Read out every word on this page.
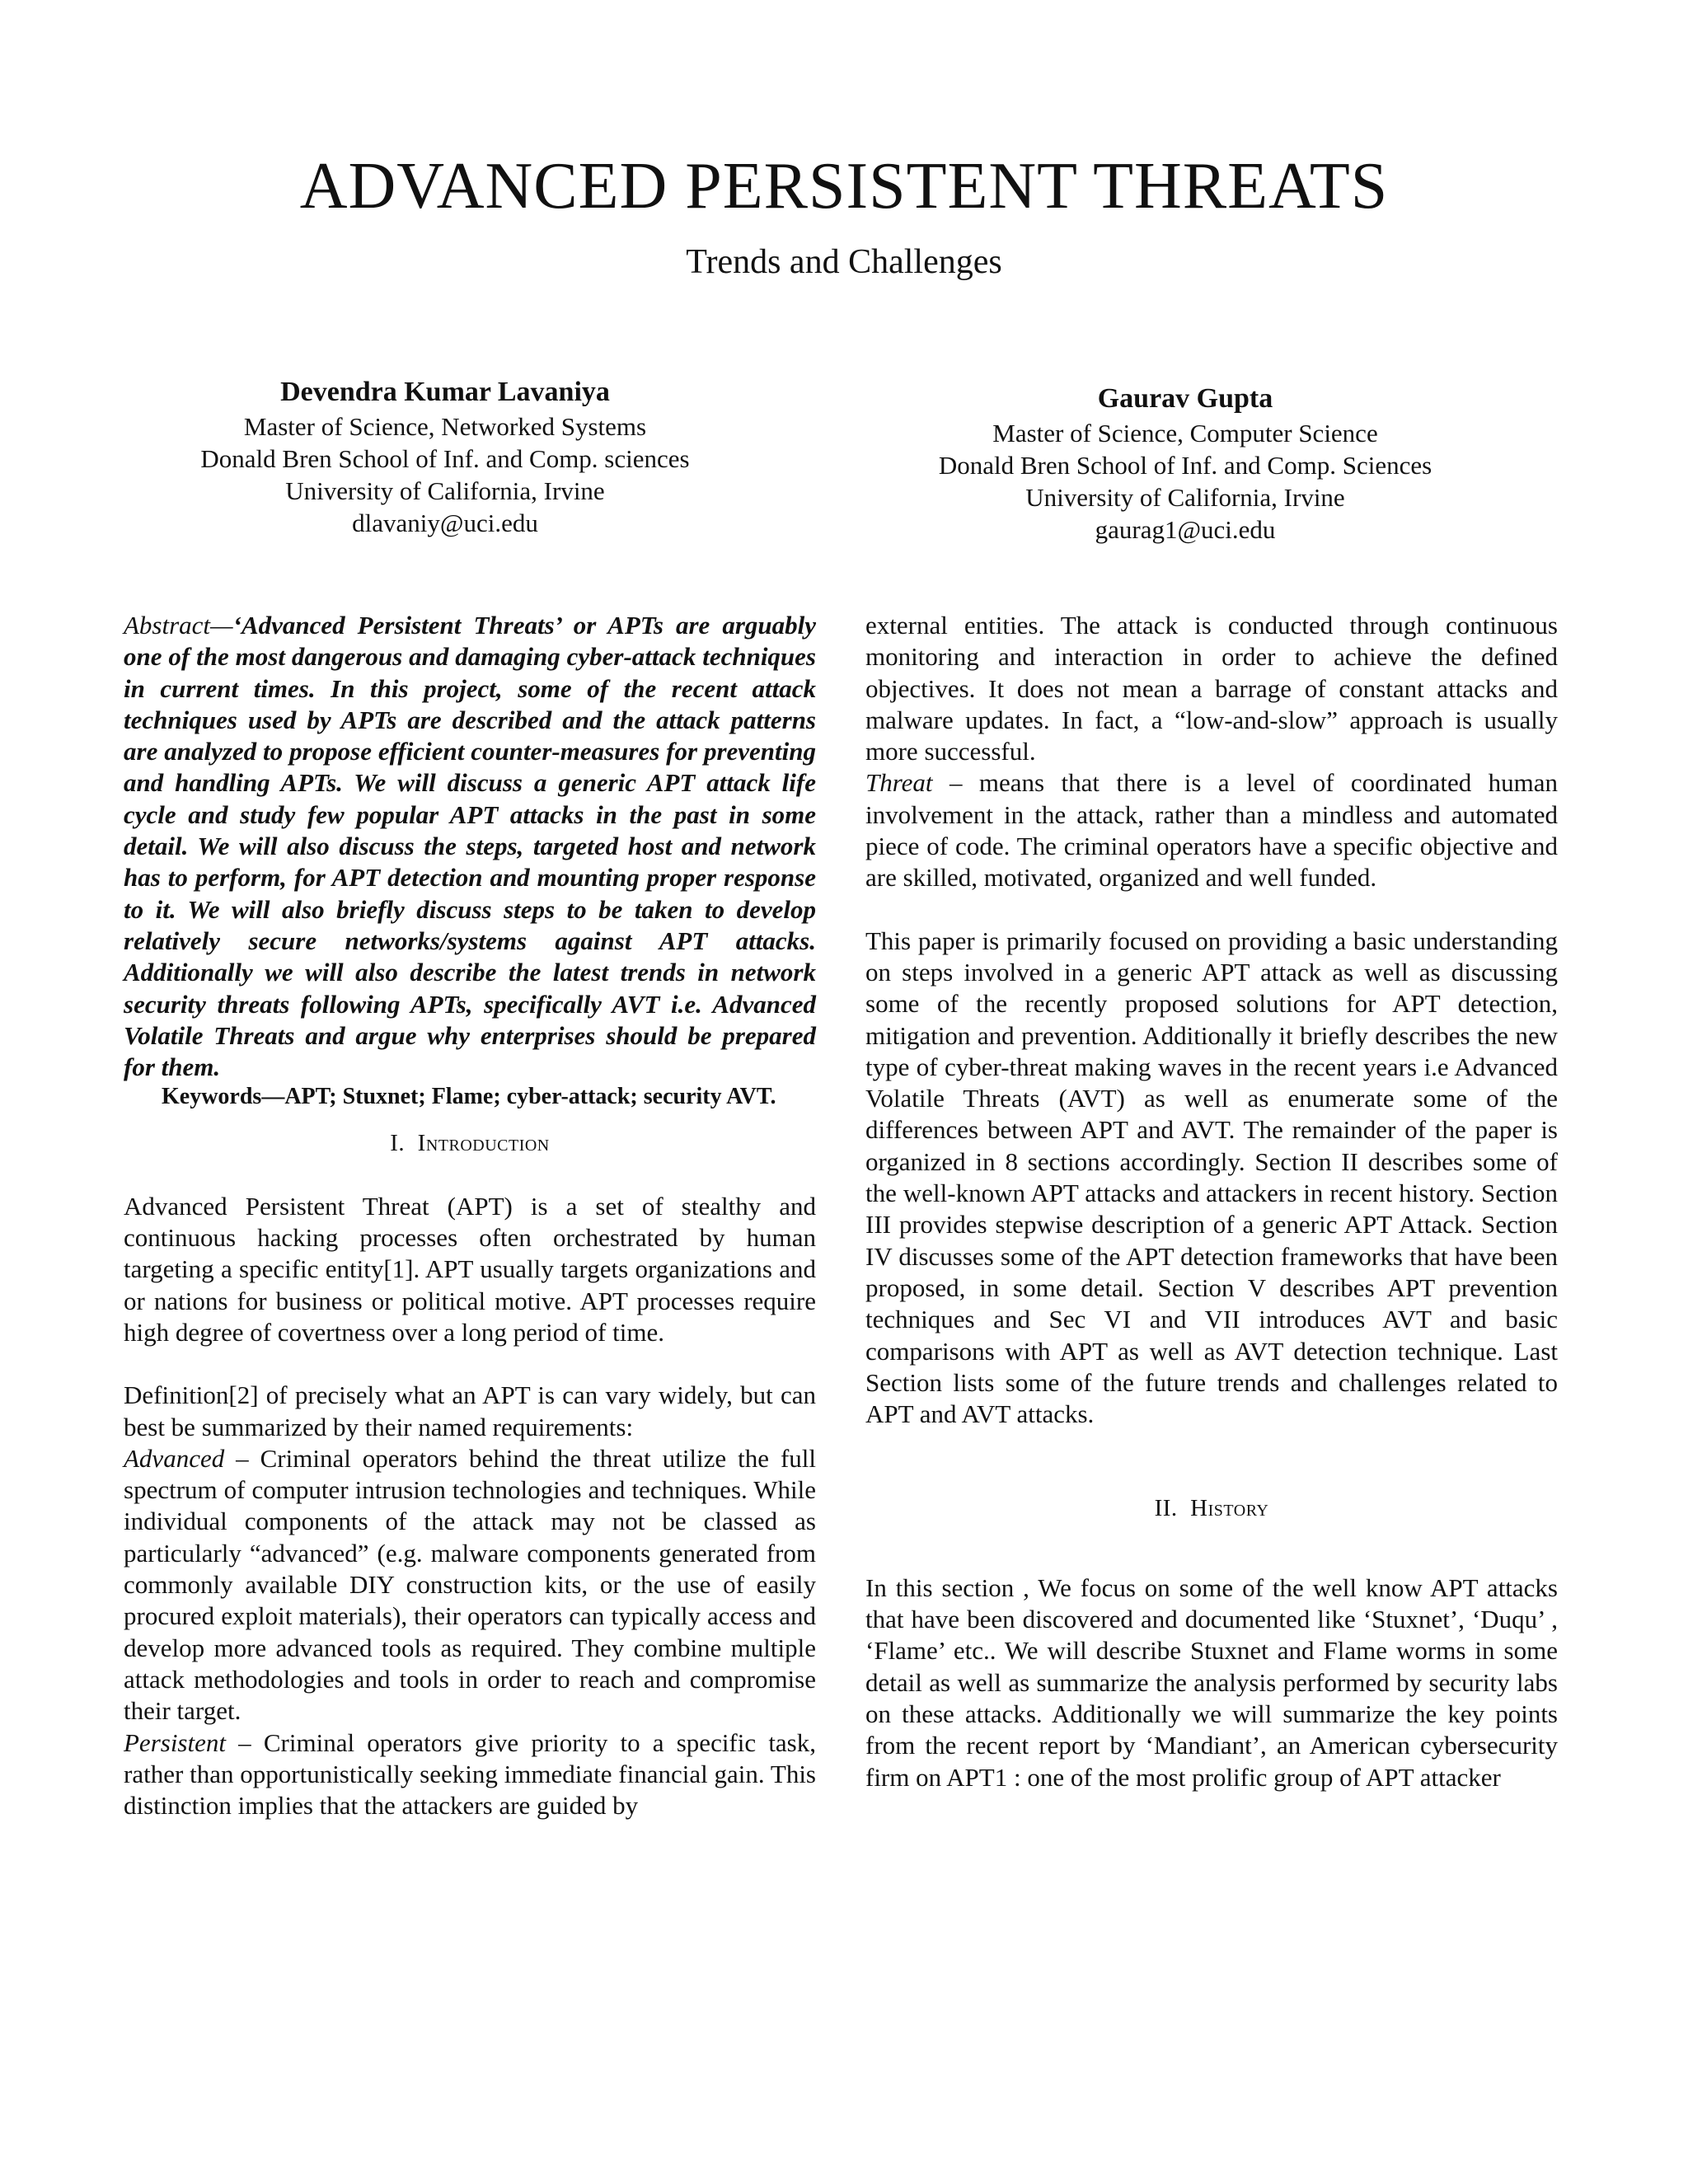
ADVANCED PERSISTENT THREATS
Trends and Challenges
Devendra Kumar Lavaniya
Master of Science, Networked Systems
Donald Bren School of Inf. and Comp. sciences
University of California, Irvine
dlavaniy@uci.edu
Gaurav Gupta
Master of Science, Computer Science
Donald Bren School of Inf. and Comp. Sciences
University of California, Irvine
gaurag1@uci.edu

Abstract—‘Advanced Persistent Threats’ or APTs are arguably one of the most dangerous and damaging cyber-attack techniques in current times. In this project, some of the recent attack techniques used by APTs are described and the attack patterns are analyzed to propose efficient counter-measures for preventing and handling APTs. We will discuss a generic APT attack life cycle and study few popular APT attacks in the past in some detail. We will also discuss the steps, targeted host and network has to perform, for APT detection and mounting proper response to it. We will also briefly discuss steps to be taken to develop relatively secure networks/systems against APT attacks. Additionally we will also describe the latest trends in network security threats following APTs, specifically AVT i.e. Advanced Volatile Threats and argue why enterprises should be prepared for them.

Keywords—APT; Stuxnet; Flame; cyber-attack; security AVT.

I. Introduction

Advanced Persistent Threat (APT) is a set of stealthy and continuous hacking processes often orchestrated by human targeting a specific entity[1]. APT usually targets organizations and or nations for business or political motive. APT processes require high degree of covertness over a long period of time.

Definition[2] of precisely what an APT is can vary widely, but can best be summarized by their named requirements:

Advanced – Criminal operators behind the threat utilize the full spectrum of computer intrusion technologies and techniques. While individual components of the attack may not be classed as particularly “advanced” (e.g. malware components generated from commonly available DIY construction kits, or the use of easily procured exploit materials), their operators can typically access and develop more advanced tools as required. They combine multiple attack methodologies and tools in order to reach and compromise their target.

Persistent – Criminal operators give priority to a specific task, rather than opportunistically seeking immediate financial gain. This distinction implies that the attackers are guided by

external entities. The attack is conducted through continuous monitoring and interaction in order to achieve the defined objectives. It does not mean a barrage of constant attacks and malware updates. In fact, a “low-and-slow” approach is usually more successful.

Threat – means that there is a level of coordinated human involvement in the attack, rather than a mindless and automated piece of code. The criminal operators have a specific objective and are skilled, motivated, organized and well funded.

This paper is primarily focused on providing a basic understanding on steps involved in a generic APT attack as well as discussing some of the recently proposed solutions for APT detection, mitigation and prevention. Additionally it briefly describes the new type of cyber-threat making waves in the recent years i.e Advanced Volatile Threats (AVT) as well as enumerate some of the differences between APT and AVT. The remainder of the paper is organized in 8 sections accordingly. Section II describes some of the well-known APT attacks and attackers in recent history. Section III provides stepwise description of a generic APT Attack. Section IV discusses some of the APT detection frameworks that have been proposed, in some detail. Section V describes APT prevention techniques and Sec VI and VII introduces AVT and basic comparisons with APT as well as AVT detection technique. Last Section lists some of the future trends and challenges related to APT and AVT attacks.

II. History

In this section , We focus on some of the well know APT attacks that have been discovered and documented like ‘Stuxnet’, ‘Duqu’ , ‘Flame’ etc.. We will describe Stuxnet and Flame worms in some detail as well as summarize the analysis performed by security labs on these attacks. Additionally we will summarize the key points from the recent report by ‘Mandiant’, an American cybersecurity firm on APT1 : one of the most prolific group of APT attacker
